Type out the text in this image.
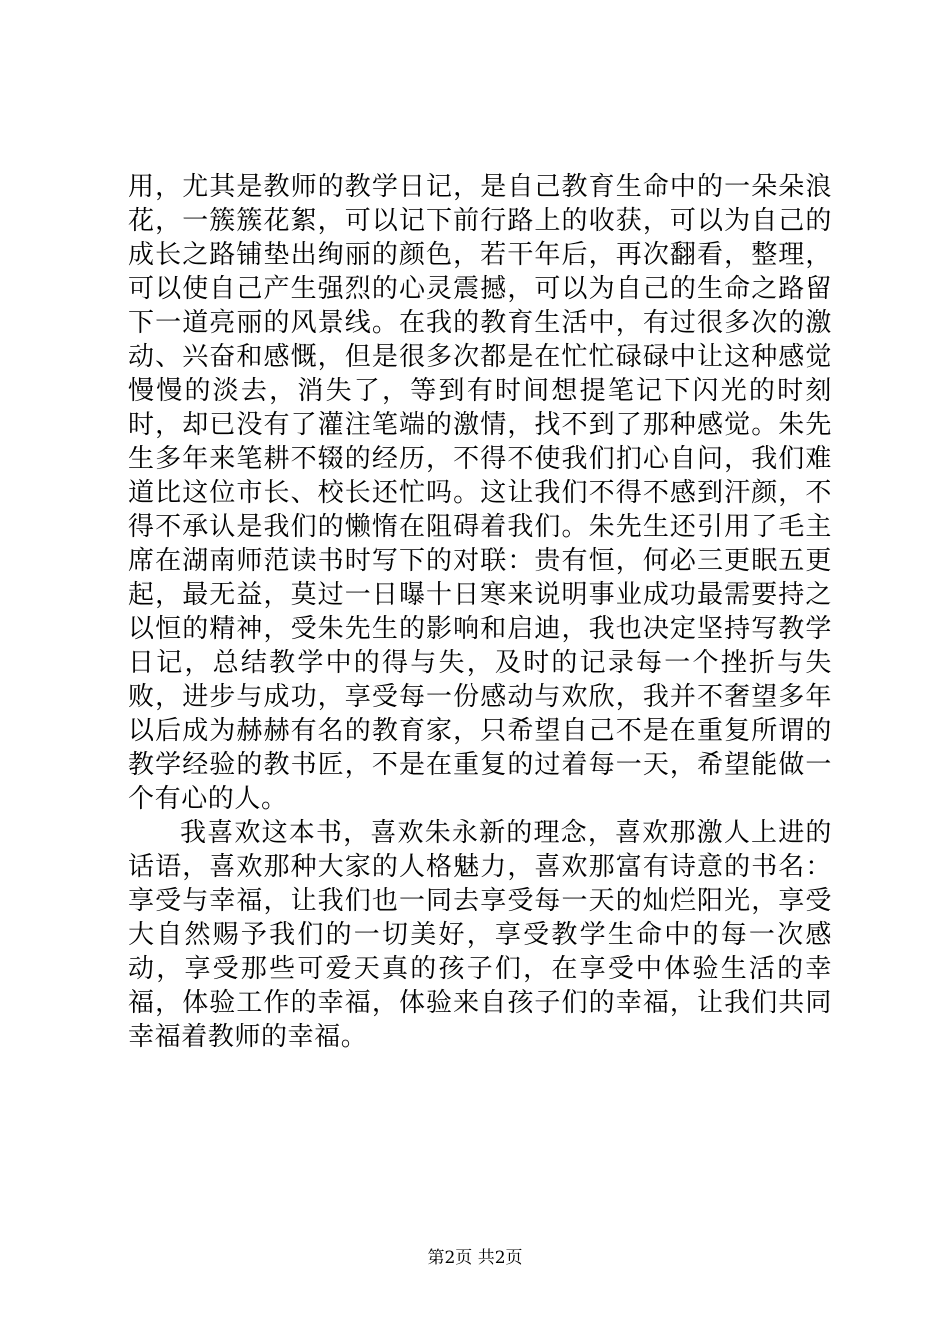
用，尤其是教师的教学日记，是自己教育生命中的一朵朵浪花，一簇簇花絮，可以记下前行路上的收获，可以为自己的成长之路铺垫出绚丽的颜色，若干年后，再次翻看，整理，可以使自己产生强烈的心灵震撼，可以为自己的生命之路留下一道亮丽的风景线。在我的教育生活中，有过很多次的激动、兴奋和感慨，但是很多次都是在忙忙碌碌中让这种感觉慢慢的淡去，消失了，等到有时间想提笔记下闪光的时刻时，却已没有了灌注笔端的激情，找不到了那种感觉。朱先生多年来笔耕不辍的经历，不得不使我们扪心自问，我们难道比这位市长、校长还忙吗。这让我们不得不感到汗颜，不得不承认是我们的懒惰在阻碍着我们。朱先生还引用了毛主席在湖南师范读书时写下的对联：贵有恒，何必三更眠五更起，最无益，莫过一日曝十日寒来说明事业成功最需要持之以恒的精神，受朱先生的影响和启迪，我也决定坚持写教学日记，总结教学中的得与失，及时的记录每一个挫折与失败，进步与成功，享受每一份感动与欢欣，我并不奢望多年以后成为赫赫有名的教育家，只希望自己不是在重复所谓的教学经验的教书匠，不是在重复的过着每一天，希望能做一个有心的人。

我喜欢这本书，喜欢朱永新的理念，喜欢那激人上进的话语，喜欢那种大家的人格魅力，喜欢那富有诗意的书名：享受与幸福，让我们也一同去享受每一天的灿烂阳光，享受大自然赐予我们的一切美好，享受教学生命中的每一次感动，享受那些可爱天真的孩子们，在享受中体验生活的幸福，体验工作的幸福，体验来自孩子们的幸福，让我们共同幸福着教师的幸福。

第2页 共2页
